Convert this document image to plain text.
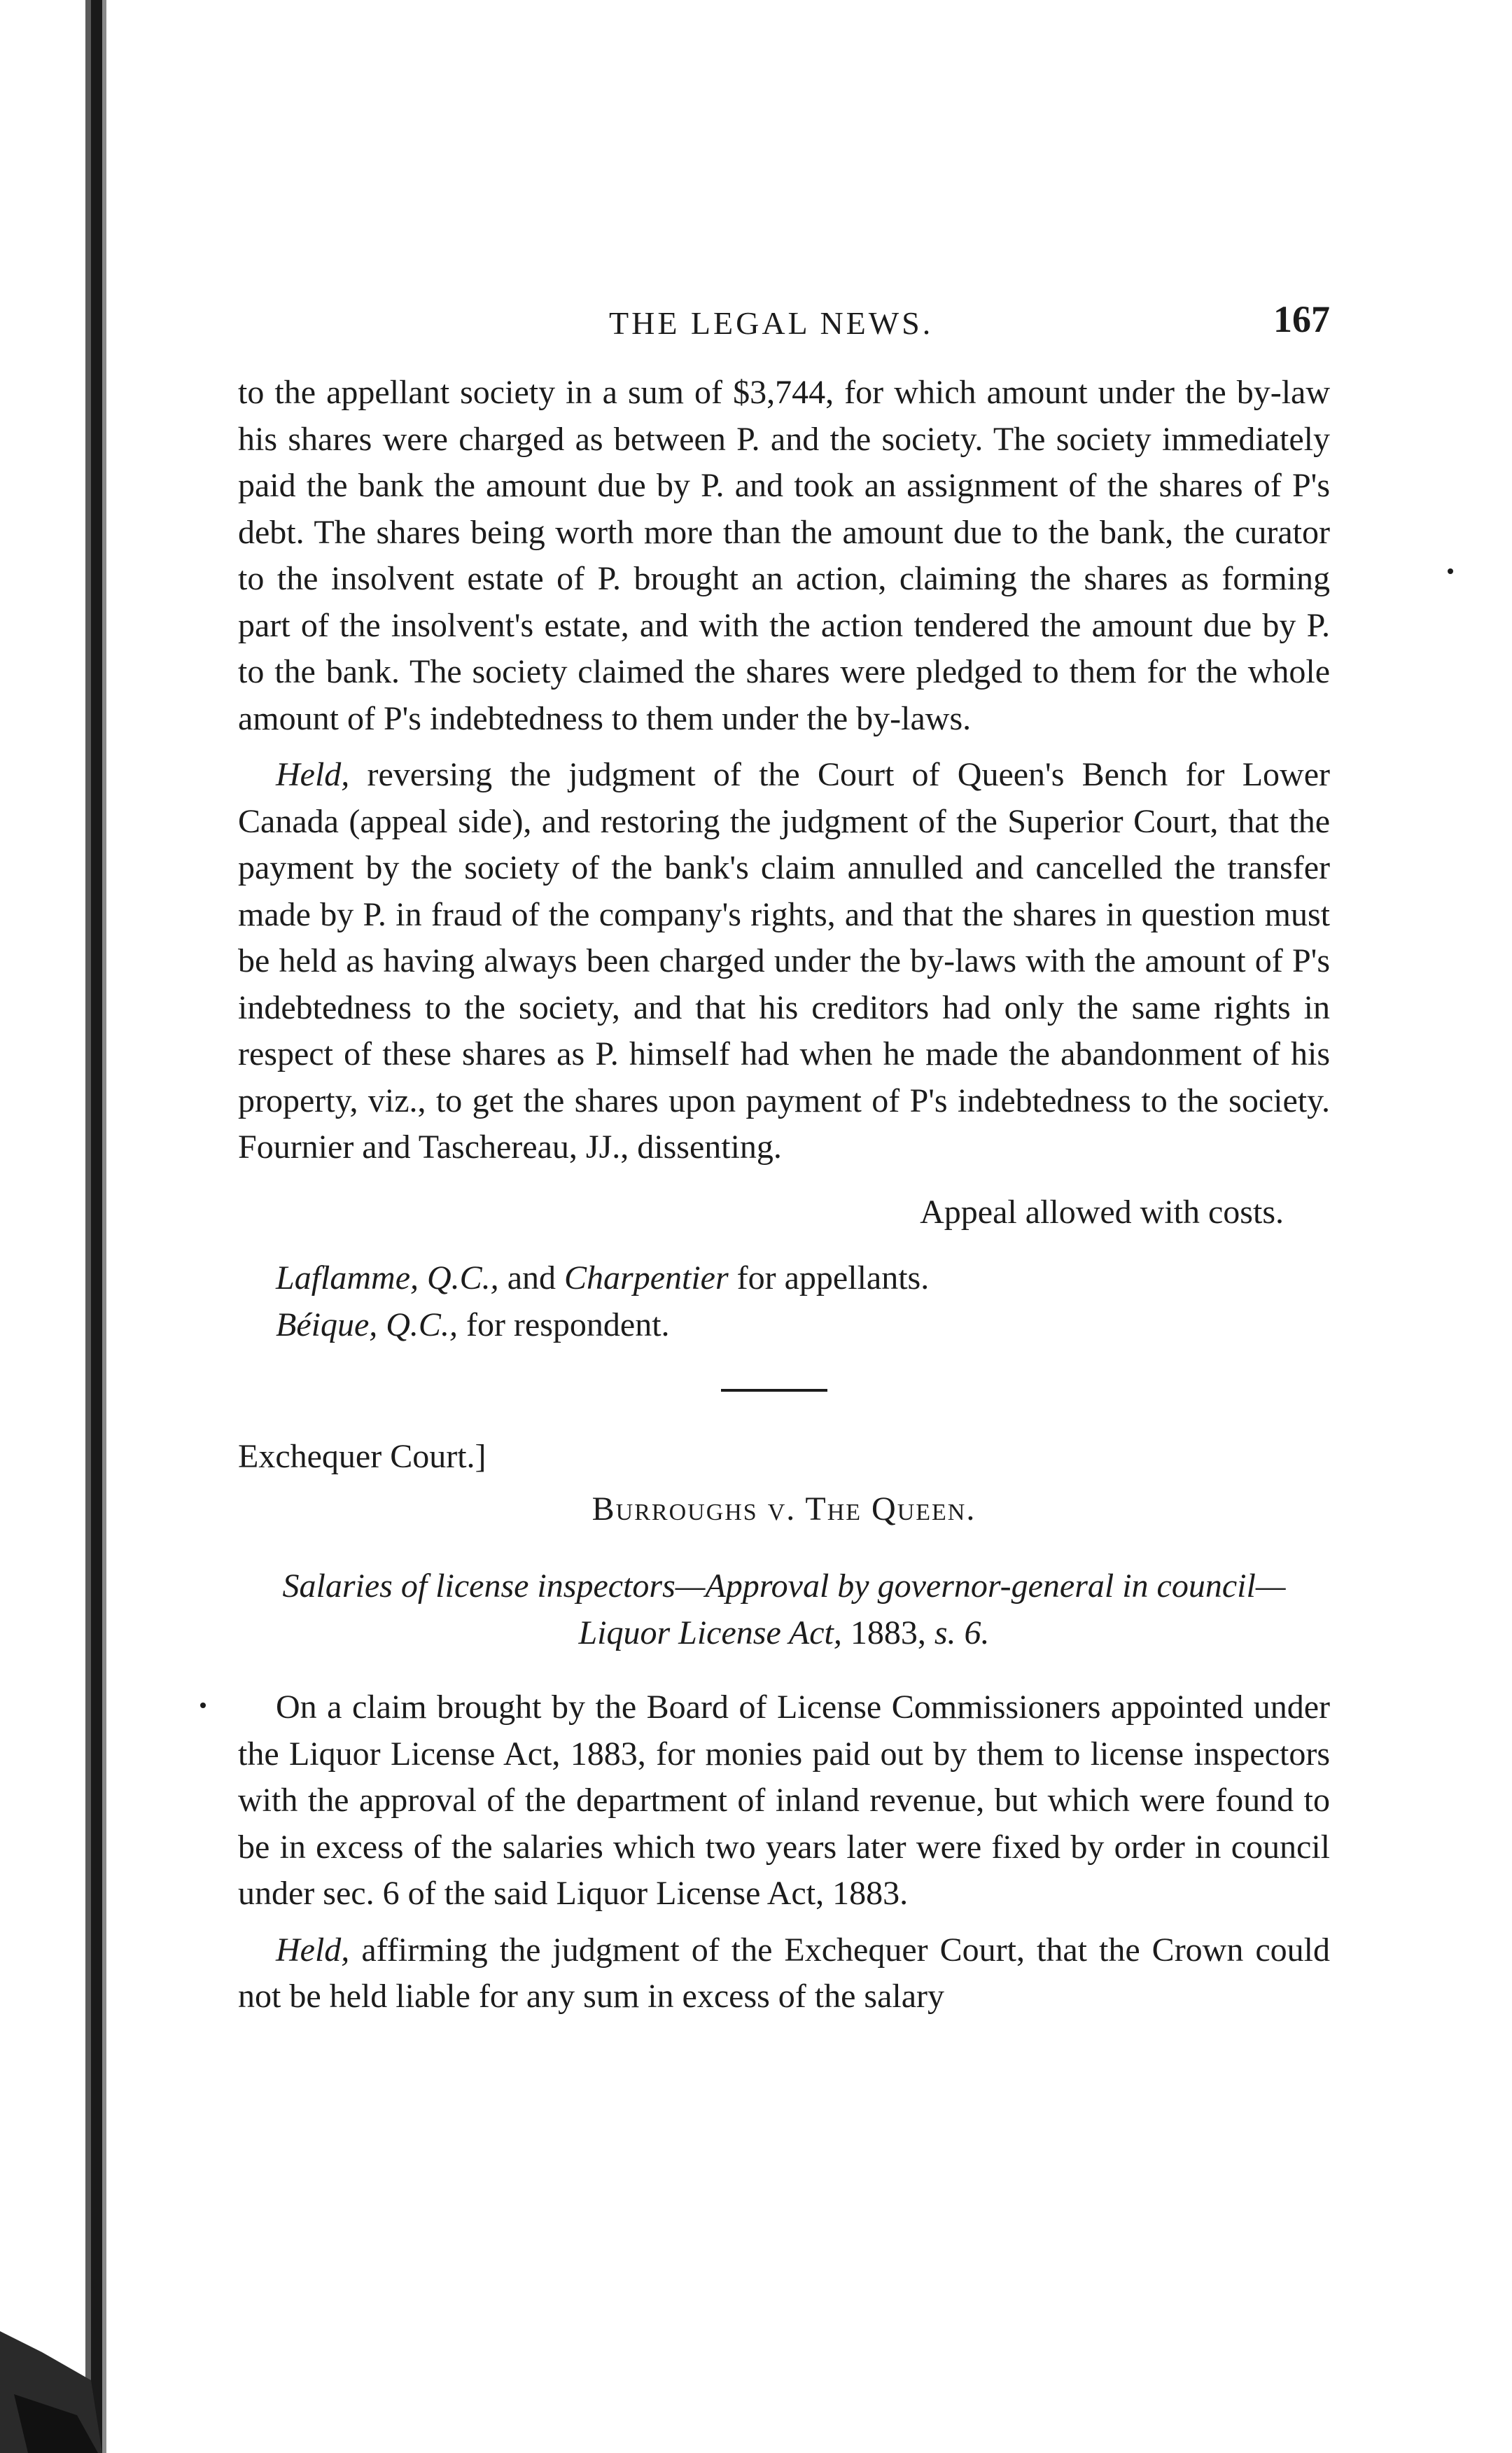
THE LEGAL NEWS.	167

to the appellant society in a sum of $3,744, for which amount under the by-law his shares were charged as between P. and the society. The society immediately paid the bank the amount due by P. and took an assignment of the shares of P's debt. The shares being worth more than the amount due to the bank, the curator to the insolvent estate of P. brought an action, claiming the shares as forming part of the insolvent's estate, and with the action tendered the amount due by P. to the bank. The society claimed the shares were pledged to them for the whole amount of P's indebtedness to them under the by-laws.

Held, reversing the judgment of the Court of Queen's Bench for Lower Canada (appeal side), and restoring the judgment of the Superior Court, that the payment by the society of the bank's claim annulled and cancelled the transfer made by P. in fraud of the company's rights, and that the shares in question must be held as having always been charged under the by-laws with the amount of P's indebtedness to the society, and that his creditors had only the same rights in respect of these shares as P. himself had when he made the abandonment of his property, viz., to get the shares upon payment of P's indebtedness to the society. Fournier and Taschereau, JJ., dissenting.

Appeal allowed with costs.

Laflamme, Q.C., and Charpentier for appellants.
Béique, Q.C., for respondent.
Exchequer Court.]
Burroughs v. The Queen.

Salaries of license inspectors—Approval by governor-general in council—Liquor License Act, 1883, s. 6.

On a claim brought by the Board of License Commissioners appointed under the Liquor License Act, 1883, for monies paid out by them to license inspectors with the approval of the department of inland revenue, but which were found to be in excess of the salaries which two years later were fixed by order in council under sec. 6 of the said Liquor License Act, 1883.

Held, affirming the judgment of the Exchequer Court, that the Crown could not be held liable for any sum in excess of the salary
